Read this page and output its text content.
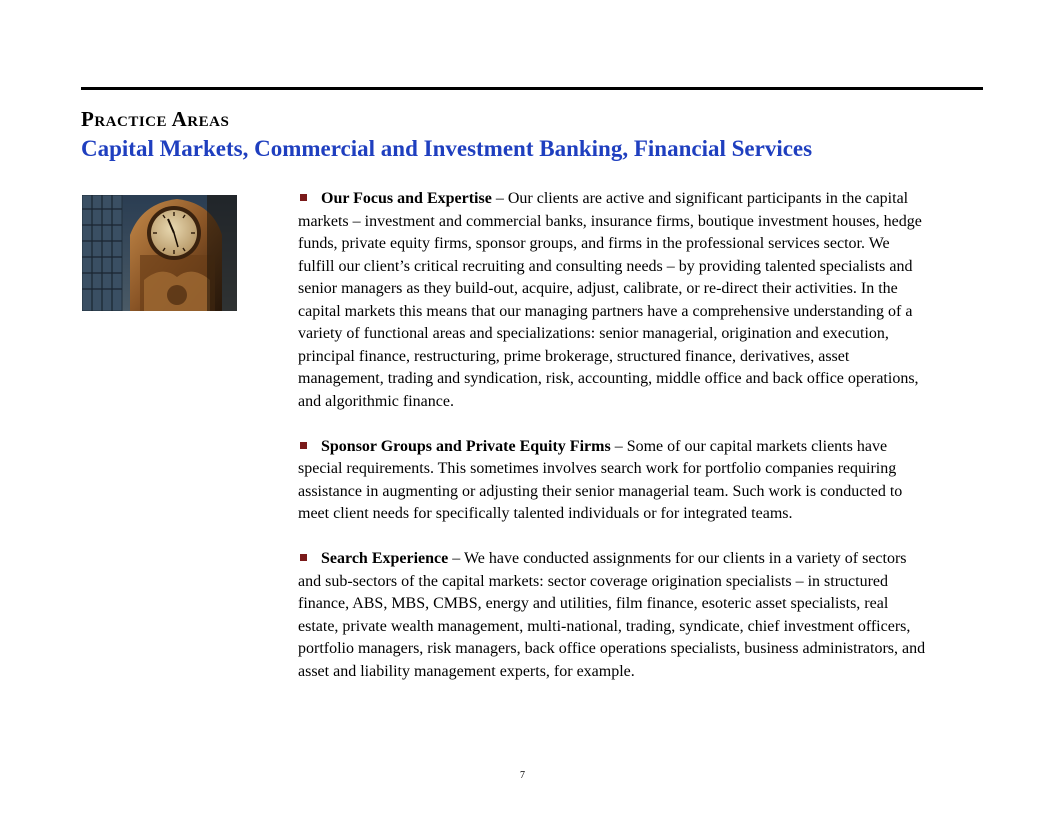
PRACTICE AREAS
Capital Markets, Commercial and Investment Banking, Financial Services

Our Focus and Expertise – Our clients are active and significant participants in the capital markets – investment and commercial banks, insurance firms, boutique investment houses, hedge funds, private equity firms, sponsor groups, and firms in the professional services sector. We fulfill our client’s critical recruiting and consulting needs – by providing talented specialists and senior managers as they build-out, acquire, adjust, calibrate, or re-direct their activities. In the capital markets this means that our managing partners have a comprehensive understanding of a variety of functional areas and specializations: senior managerial, origination and execution, principal finance, restructuring, prime brokerage, structured finance, derivatives, asset management, trading and syndication, risk, accounting, middle office and back office operations, and algorithmic finance.

Sponsor Groups and Private Equity Firms – Some of our capital markets clients have special requirements. This sometimes involves search work for portfolio companies requiring assistance in augmenting or adjusting their senior managerial team. Such work is conducted to meet client needs for specifically talented individuals or for integrated teams.

Search Experience – We have conducted assignments for our clients in a variety of sectors and sub-sectors of the capital markets: sector coverage origination specialists – in structured finance, ABS, MBS, CMBS, energy and utilities, film finance, esoteric asset specialists, real estate, private wealth management, multi-national, trading, syndicate, chief investment officers, portfolio managers, risk managers, back office operations specialists, business administrators, and asset and liability management experts, for example.

7
